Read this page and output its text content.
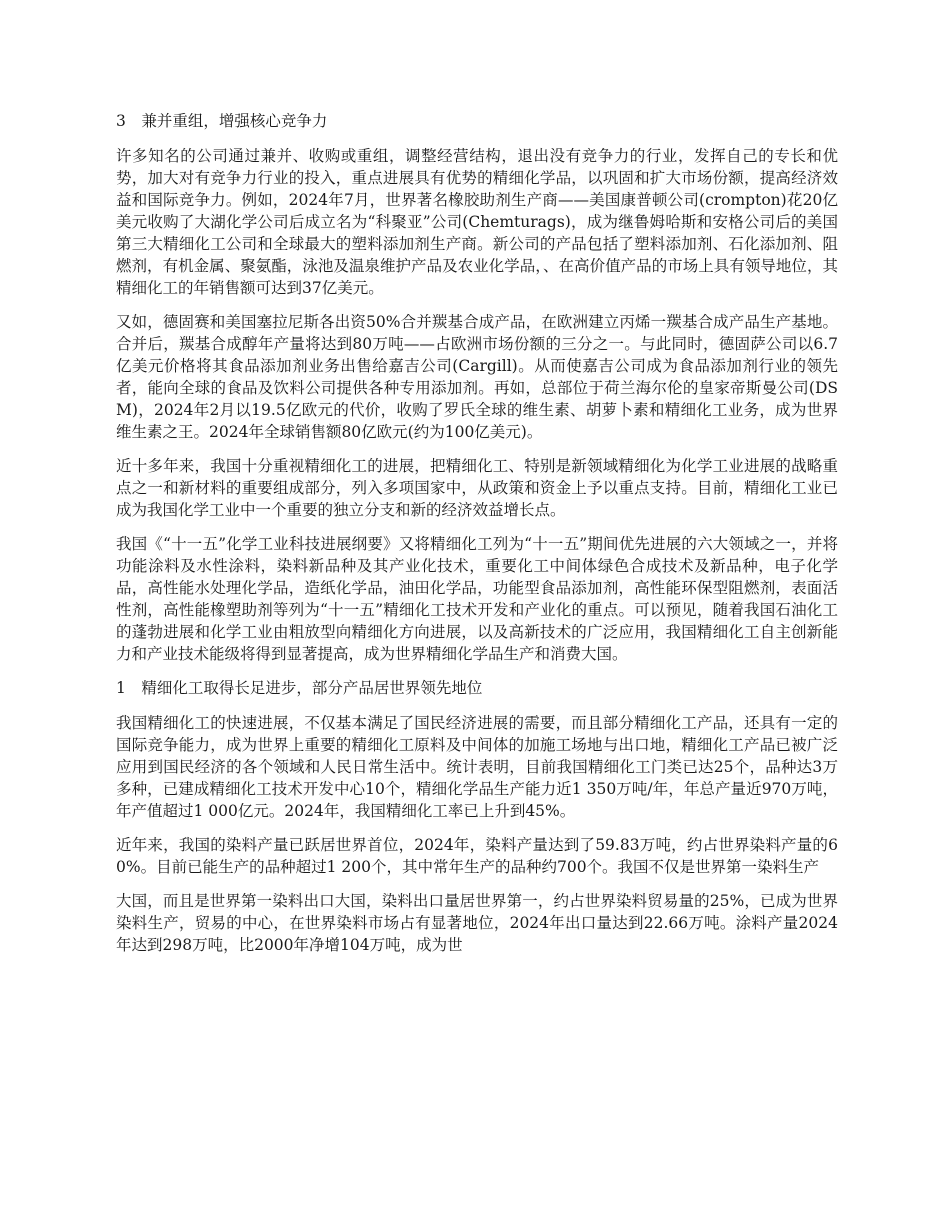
3　兼并重组，增强核心竞争力

许多知名的公司通过兼并、收购或重组，调整经营结构，退出没有竞争力的行业，发挥自己的专长和优势，加大对有竞争力行业的投入，重点进展具有优势的精细化学品，以巩固和扩大市场份额，提高经济效益和国际竞争力。例如，2024年7月，世界著名橡胶助剂生产商——美国康普顿公司(crompton)花20亿美元收购了大湖化学公司后成立名为“科聚亚”公司(Chemturags)，成为继鲁姆哈斯和安格公司后的美国第三大精细化工公司和全球最大的塑料添加剂生产商。新公司的产品包括了塑料添加剂、石化添加剂、阻燃剂，有机金属、聚氨酯，泳池及温泉维护产品及农业化学品，、在高价值产品的市场上具有领导地位，其精细化工的年销售额可达到37亿美元。

又如，德固赛和美国塞拉尼斯各出资50%合并羰基合成产品，在欧洲建立丙烯一羰基合成产品生产基地。合并后，羰基合成醇年产量将达到80万吨——占欧洲市场份额的三分之一。与此同时，德固萨公司以6.7亿美元价格将其食品添加剂业务出售给嘉吉公司(Cargill)。从而使嘉吉公司成为食品添加剂行业的领先者，能向全球的食品及饮料公司提供各种专用添加剂。再如，总部位于荷兰海尔伦的皇家帝斯曼公司(DSM)，2024年2月以19.5亿欧元的代价，收购了罗氏全球的维生素、胡萝卜素和精细化工业务，成为世界维生素之王。2024年全球销售额80亿欧元(约为100亿美元)。

近十多年来，我国十分重视精细化工的进展，把精细化工、特别是新领域精细化为化学工业进展的战略重点之一和新材料的重要组成部分，列入多项国家中，从政策和资金上予以重点支持。目前，精细化工业已成为我国化学工业中一个重要的独立分支和新的经济效益增长点。

我国《“十一五”化学工业科技进展纲要》又将精细化工列为“十一五”期间优先进展的六大领域之一，并将功能涂料及水性涂料，染料新品种及其产业化技术，重要化工中间体绿色合成技术及新品种，电子化学品，高性能水处理化学品，造纸化学品，油田化学品，功能型食品添加剂，高性能环保型阻燃剂，表面活性剂，高性能橡塑助剂等列为“十一五”精细化工技术开发和产业化的重点。可以预见，随着我国石油化工的蓬勃进展和化学工业由粗放型向精细化方向进展，以及高新技术的广泛应用，我国精细化工自主创新能力和产业技术能级将得到显著提高，成为世界精细化学品生产和消费大国。

1　精细化工取得长足进步，部分产品居世界领先地位

我国精细化工的快速进展，不仅基本满足了国民经济进展的需要，而且部分精细化工产品，还具有一定的国际竞争能力，成为世界上重要的精细化工原料及中间体的加施工场地与出口地，精细化工产品已被广泛应用到国民经济的各个领域和人民日常生活中。统计表明，目前我国精细化工门类已达25个，品种达3万多种，已建成精细化工技术开发中心10个，精细化学品生产能力近1 350万吨/年，年总产量近970万吨，年产值超过1 000亿元。2024年，我国精细化工率已上升到45%。

近年来，我国的染料产量已跃居世界首位，2024年，染料产量达到了59.83万吨，约占世界染料产量的60%。目前已能生产的品种超过1 200个，其中常年生产的品种约700个。我国不仅是世界第一染料生产

大国，而且是世界第一染料出口大国，染料出口量居世界第一，约占世界染料贸易量的25%，已成为世界染料生产，贸易的中心，在世界染料市场占有显著地位，2024年出口量达到22.66万吨。涂料产量2024年达到298万吨，比2000年净增104万吨，成为世
